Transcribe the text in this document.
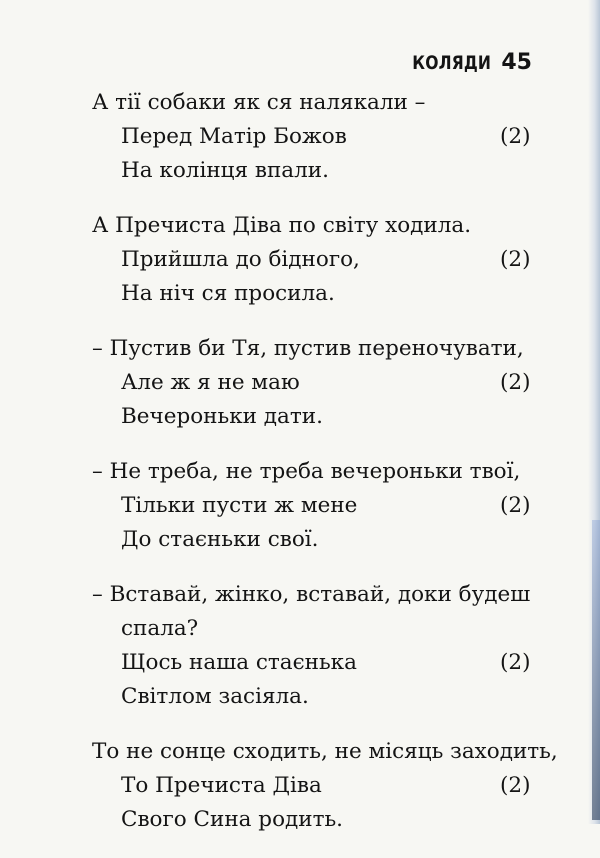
КОЛЯДИ 45
А тії собаки як ся налякали –
Перед Матір Божов	(2)
На колінця впали.
А Пречиста Діва по світу ходила.
Прийшла до бідного,	(2)
На ніч ся просила.
– Пустив би Тя, пустив переночувати,
Але ж я не маю	(2)
Вечероньки дати.
– Не треба, не треба вечероньки твої,
Тільки пусти ж мене	(2)
До стаєньки свої.
– Вставай, жінко, вставай, доки будеш
спала?
Щось наша стаєнька	(2)
Світлом засіяла.
То не сонце сходить, не місяць заходить,
То Пречиста Діва	(2)
Свого Сина родить.
